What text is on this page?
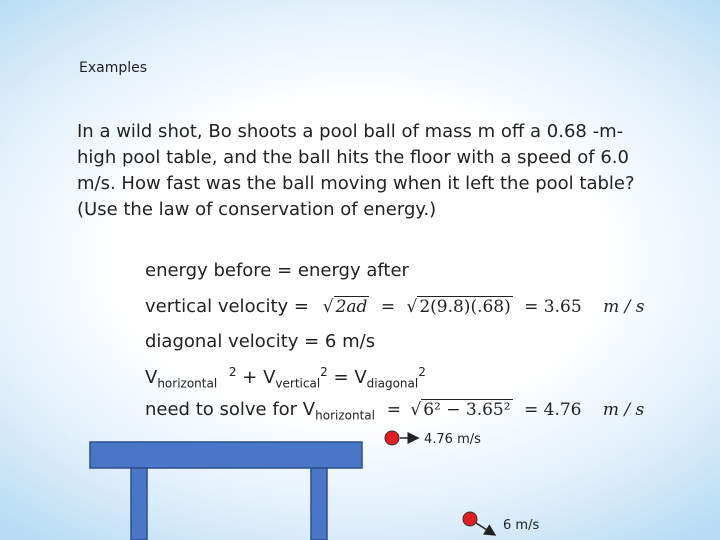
Examples
In a wild shot, Bo shoots a pool ball of mass m off a 0.68 -m-high pool table, and the ball hits the floor with a speed of 6.0 m/s. How fast was the ball moving when it left the pool table? (Use the law of conservation of energy.)
energy before = energy after
vertical velocity = √ 2ad = √ 2(9.8)(.68) = 3.65 m / s
diagonal velocity = 6 m/s
$V_{horizontal}$ $^2 + V_{vertical}^2 = V_{diagonal}^2$
need to solve for $V_{horizontal}$ = √ 6² − 3.65² = 4.76 m / s
4.76 m/s
6 m/s
